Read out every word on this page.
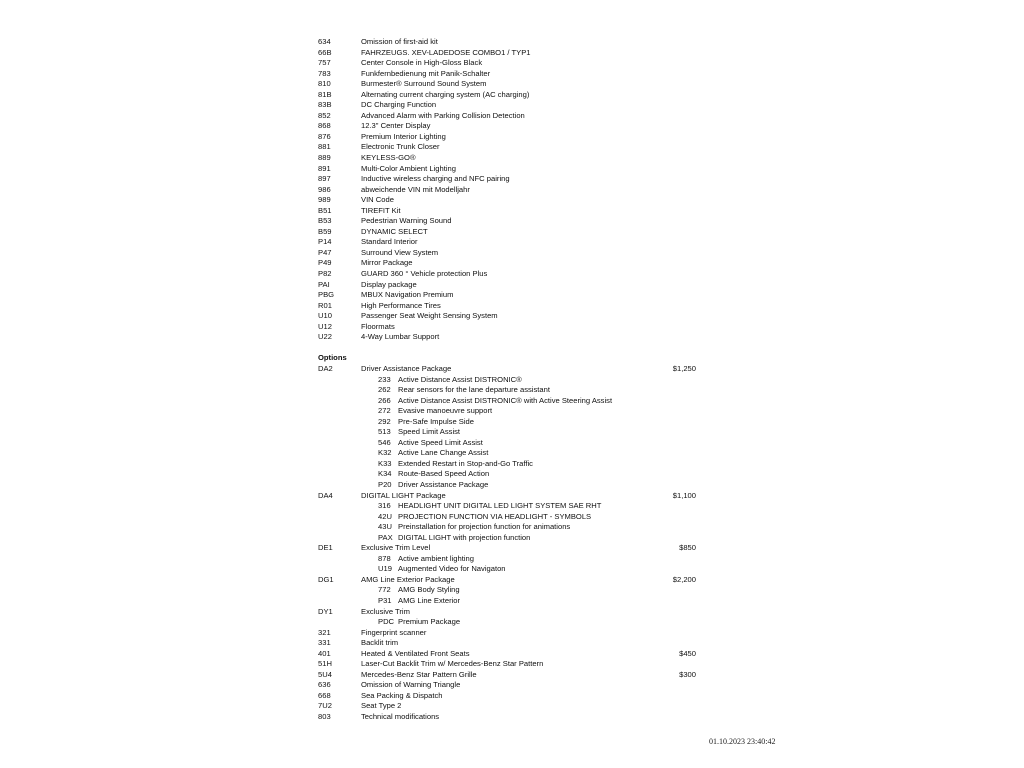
634	Omission of first-aid kit
66B	FAHRZEUGS. XEV-LADEDOSE COMBO1 / TYP1
757	Center Console in High-Gloss Black
783	Funkfernbedienung mit Panik-Schalter
810	Burmester® Surround Sound System
81B	Alternating current charging system (AC charging)
83B	DC Charging Function
852	Advanced Alarm with Parking Collision Detection
868	12.3" Center Display
876	Premium Interior Lighting
881	Electronic Trunk Closer
889	KEYLESS-GO®
891	Multi-Color Ambient Lighting
897	Inductive wireless charging and NFC pairing
986	abweichende VIN mit Modelljahr
989	VIN Code
B51	TIREFIT Kit
B53	Pedestrian Warning Sound
B59	DYNAMIC SELECT
P14	Standard Interior
P47	Surround View System
P49	Mirror Package
P82	GUARD 360 ° Vehicle protection Plus
PAI	Display package
PBG	MBUX Navigation Premium
R01	High Performance Tires
U10	Passenger Seat Weight Sensing System
U12	Floormats
U22	4-Way Lumbar Support
Options
DA2	Driver Assistance Package	$1,250
233 Active Distance Assist DISTRONIC®
262 Rear sensors for the lane departure assistant
266 Active Distance Assist DISTRONIC® with Active Steering Assist
272 Evasive manoeuvre support
292 Pre-Safe Impulse Side
513 Speed Limit Assist
546 Active Speed Limit Assist
K32 Active Lane Change Assist
K33 Extended Restart in Stop-and-Go Traffic
K34 Route-Based Speed Action
P20 Driver Assistance Package
DA4	DIGITAL LIGHT Package	$1,100
316 HEADLIGHT UNIT DIGITAL LED LIGHT SYSTEM SAE RHT
42U PROJECTION FUNCTION VIA HEADLIGHT - SYMBOLS
43U Preinstallation for projection function for animations
PAX DIGITAL LIGHT with projection function
DE1	Exclusive Trim Level	$850
878 Active ambient lighting
U19 Augmented Video for Navigaton
DG1	AMG Line Exterior Package	$2,200
772 AMG Body Styling
P31 AMG Line Exterior
DY1	Exclusive Trim
PDC Premium Package
321	Fingerprint scanner
331	Backlit trim
401	Heated & Ventilated Front Seats	$450
51H	Laser-Cut Backlit Trim w/ Mercedes-Benz Star Pattern
5U4	Mercedes-Benz Star Pattern Grille	$300
636	Omission of Warning Triangle
668	Sea Packing & Dispatch
7U2	Seat Type 2
803	Technical modifications
01.10.2023 23:40:42
